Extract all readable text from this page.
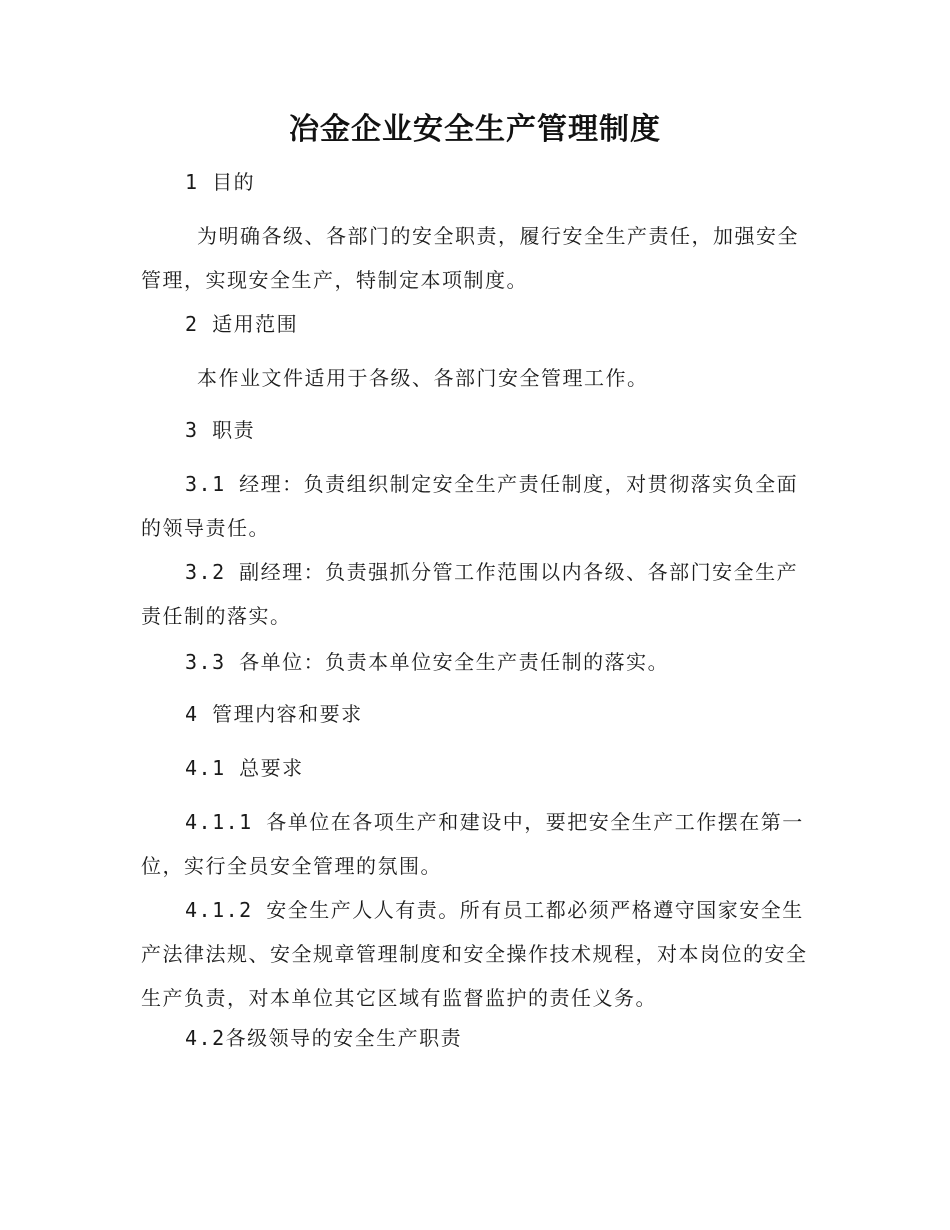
冶金企业安全生产管理制度

1 目的

为明确各级、各部门的安全职责，履行安全生产责任，加强安全管理，实现安全生产，特制定本项制度。

2 适用范围

本作业文件适用于各级、各部门安全管理工作。

3 职责

3.1 经理：负责组织制定安全生产责任制度，对贯彻落实负全面的领导责任。

3.2 副经理：负责强抓分管工作范围以内各级、各部门安全生产责任制的落实。

3.3 各单位：负责本单位安全生产责任制的落实。

4 管理内容和要求

4.1 总要求

4.1.1 各单位在各项生产和建设中，要把安全生产工作摆在第一位，实行全员安全管理的氛围。

4.1.2 安全生产人人有责。所有员工都必须严格遵守国家安全生产法律法规、安全规章管理制度和安全操作技术规程，对本岗位的安全生产负责，对本单位其它区域有监督监护的责任义务。

4.2各级领导的安全生产职责
